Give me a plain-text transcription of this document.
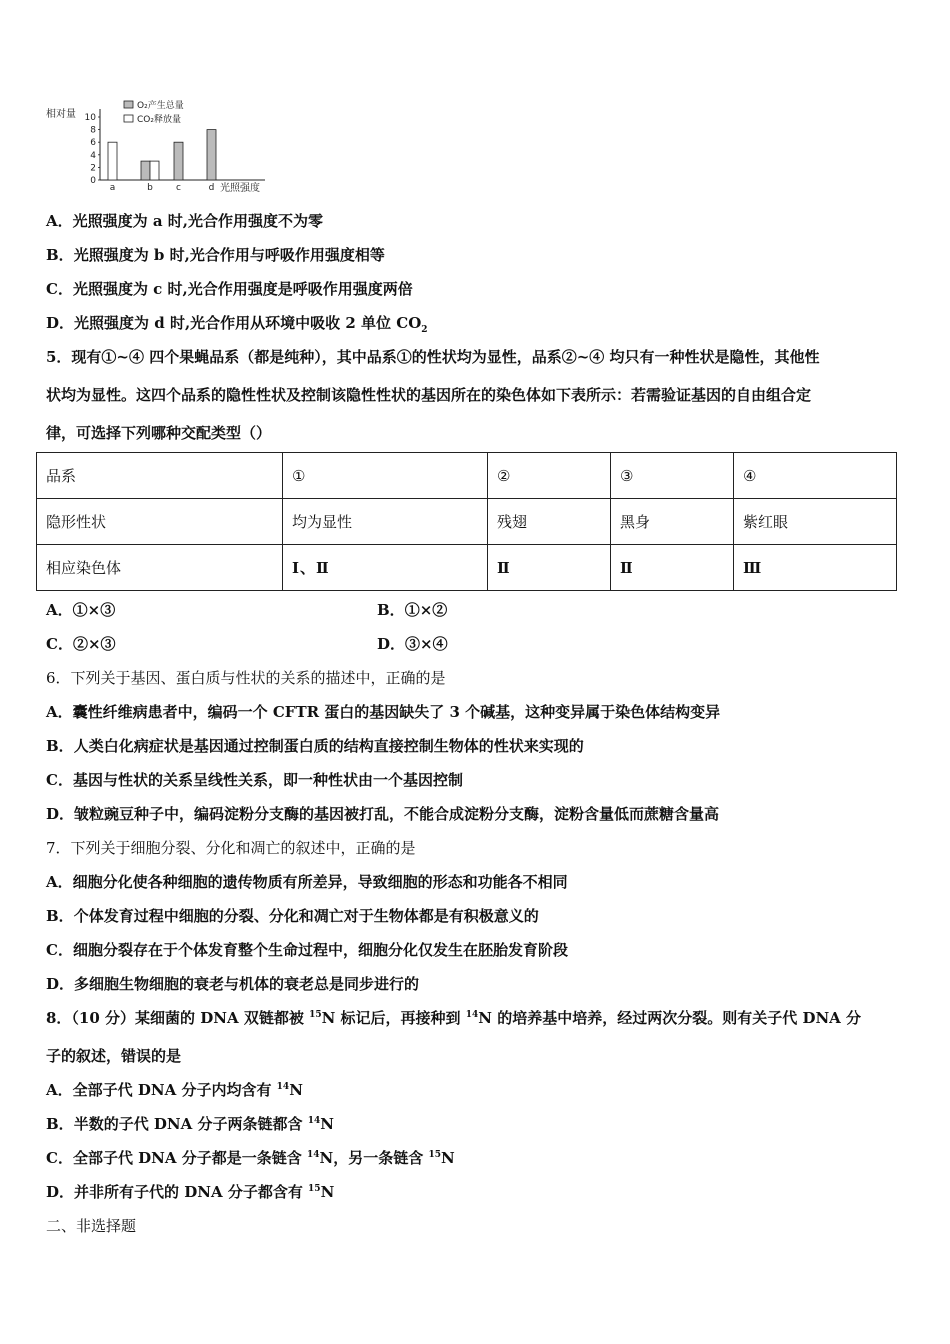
相对量
0
2
4
6
8
10
a	b	c	d 光照强度
O₂产生总量
CO₂释放量
A．光照强度为 a 时,光合作用强度不为零
B．光照强度为 b 时,光合作用与呼吸作用强度相等
C．光照强度为 c 时,光合作用强度是呼吸作用强度两倍
D．光照强度为 d 时,光合作用从环境中吸收 2 单位 $CO_2$
5．现有①~④ 四个果蝇品系（都是纯种），其中品系①的性状均为显性，品系②~④ 均只有一种性状是隐性，其他性
状均为显性。这四个品系的隐性性状及控制该隐性性状的基因所在的染色体如下表所示：若需验证基因的自由组合定
律，可选择下列哪种交配类型（）
品系	①	②	③	④
隐形性状	均为显性	残翅	黑身	紫红眼
相应染色体	Ⅰ、Ⅱ	Ⅱ	Ⅱ	Ⅲ
A．①×③	B．①×②
C．②×③	D．③×④
6．下列关于基因、蛋白质与性状的关系的描述中，正确的是
A．囊性纤维病患者中，编码一个 CFTR 蛋白的基因缺失了 3 个碱基，这种变异属于染色体结构变异
B．人类白化病症状是基因通过控制蛋白质的结构直接控制生物体的性状来实现的
C．基因与性状的关系呈线性关系，即一种性状由一个基因控制
D．皱粒豌豆种子中，编码淀粉分支酶的基因被打乱，不能合成淀粉分支酶，淀粉含量低而蔗糖含量高
7．下列关于细胞分裂、分化和凋亡的叙述中，正确的是
A．细胞分化使各种细胞的遗传物质有所差异，导致细胞的形态和功能各不相同
B．个体发育过程中细胞的分裂、分化和凋亡对于生物体都是有积极意义的
C．细胞分裂存在于个体发育整个生命过程中，细胞分化仅发生在胚胎发育阶段
D．多细胞生物细胞的衰老与机体的衰老总是同步进行的
8．（10 分）某细菌的 DNA 双链都被 $^{15}$N 标记后，再接种到 $^{14}$N 的培养基中培养，经过两次分裂。则有关子代 DNA 分
子的叙述，错误的是
A．全部子代 DNA 分子内均含有 $^{14}$N
B．半数的子代 DNA 分子两条链都含 $^{14}$N
C．全部子代 DNA 分子都是一条链含 $^{14}$N，另一条链含 $^{15}$N
D．并非所有子代的 DNA 分子都含有 $^{15}$N
二、非选择题
